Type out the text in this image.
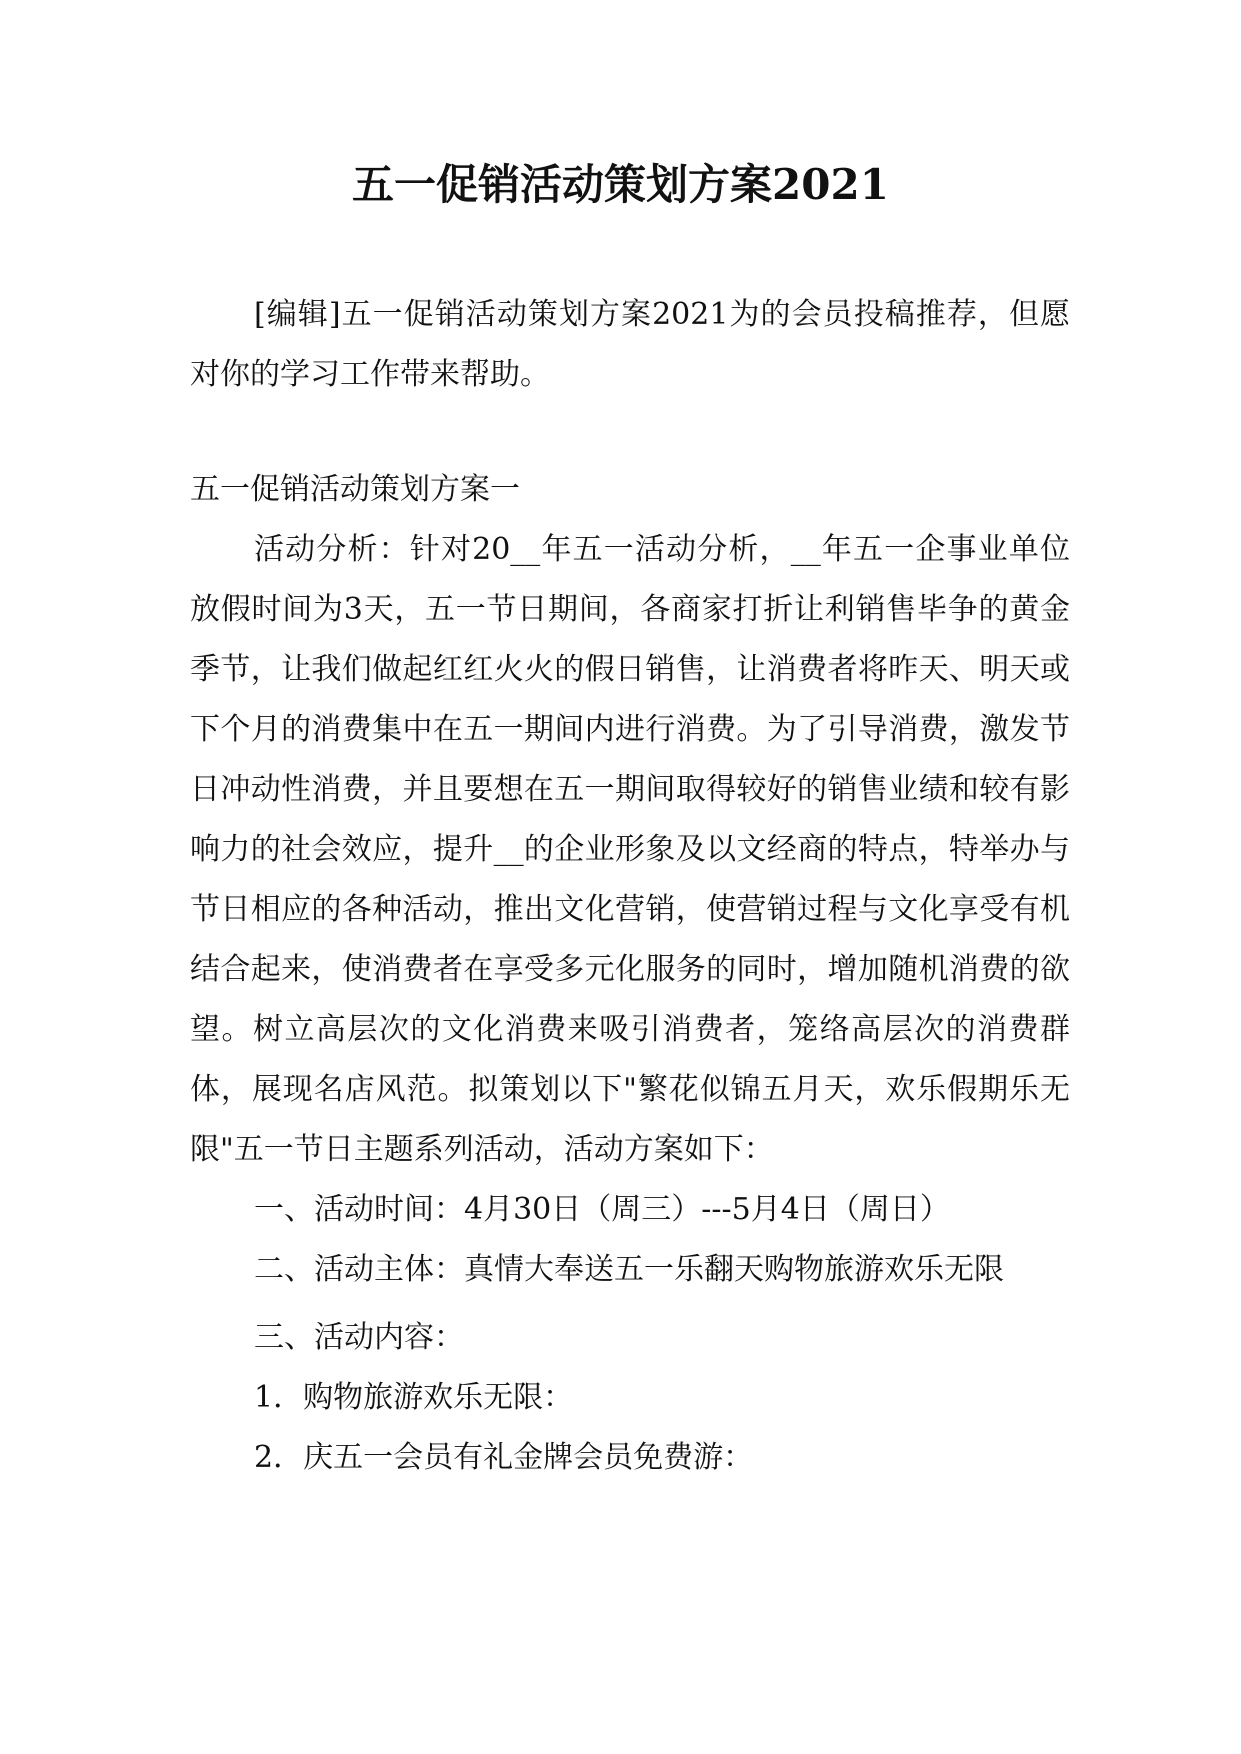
五一促销活动策划方案2021

[编辑]五一促销活动策划方案2021为的会员投稿推荐，但愿对你的学习工作带来帮助。

五一促销活动策划方案一

活动分析：针对20__年五一活动分析，__年五一企事业单位放假时间为3天，五一节日期间，各商家打折让利销售毕争的黄金季节，让我们做起红红火火的假日销售，让消费者将昨天、明天或下个月的消费集中在五一期间内进行消费。为了引导消费，激发节日冲动性消费，并且要想在五一期间取得较好的销售业绩和较有影响力的社会效应，提升__的企业形象及以文经商的特点，特举办与节日相应的各种活动，推出文化营销，使营销过程与文化享受有机结合起来，使消费者在享受多元化服务的同时，增加随机消费的欲望。树立高层次的文化消费来吸引消费者，笼络高层次的消费群体，展现名店风范。拟策划以下"繁花似锦五月天，欢乐假期乐无限"五一节日主题系列活动，活动方案如下：

一、活动时间：4月30日（周三）---5月4日（周日）

二、活动主体：真情大奉送五一乐翻天购物旅游欢乐无限

三、活动内容：

1．购物旅游欢乐无限：

2．庆五一会员有礼金牌会员免费游：
